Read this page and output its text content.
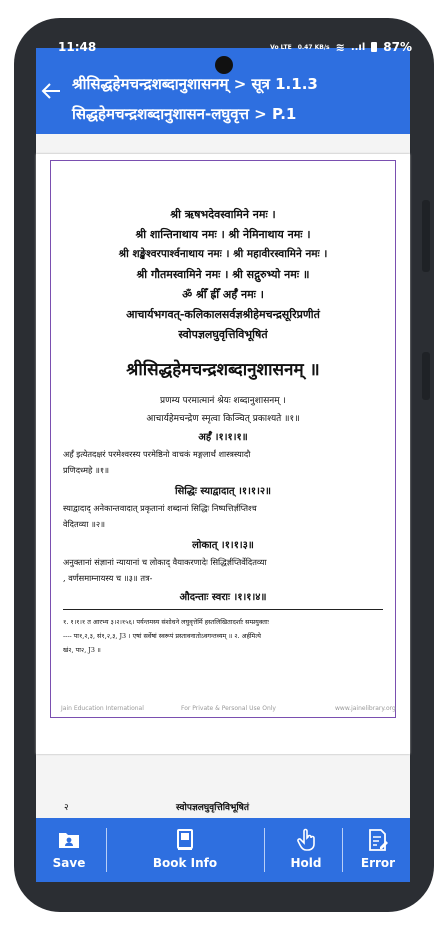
11:48	Vo LTE 0.47 KB/s ≋ ..ıl 87%
श्रीसिद्धहेमचन्द्रशब्दानुशासनम् > सूत्र 1.1.3
सिद्धहेमचन्द्रशब्दानुशासन-लघुवृत्त > P.1
श्री ऋषभदेवस्वामिने नमः ।
श्री शान्तिनाथाय नमः । श्री नेमिनाथाय नमः ।
श्री शङ्खेश्वरपार्श्वनाथाय नमः । श्री महावीरस्वामिने नमः ।
श्री गौतमस्वामिने नमः । श्री सद्गुरुभ्यो नमः ॥
ॐ श्रीँ ह्रीँ अर्हँ नमः ।
आचार्यभगवत्-कलिकालसर्वज्ञश्रीहेमचन्द्रसूरिप्रणीतं
स्वोपज्ञलघुवृत्तिविभूषितं
श्रीसिद्धहेमचन्द्रशब्दानुशासनम् ॥
प्रणम्य परमात्मानं श्रेयः शब्दानुशासनम् ।
आचार्यहेमचन्द्रेण स्मृत्वा किञ्चित् प्रकाश्यते ॥१॥
अर्हँ ।१।१।१॥
अर्हँ इत्येतदक्षरं परमेश्वरस्य परमेष्ठिनो वाचकं मङ्गलार्थं शास्त्रस्यादौ
प्रणिदध्महे ॥१॥
सिद्धिः स्याद्वादात् ।१।१।२॥
स्याद्वादाद् अनेकान्तवादात् प्रकृतानां शब्दानां सिद्धिः निष्पत्तिर्ज्ञप्तिश्च
वेदितव्या ॥२॥
लोकात् ।१।१।३॥
अनुक्तानां संज्ञानां न्यायानां च लोकाद् वैयाकरणादेः सिद्धिर्ज्ञप्तिर्वेदितव्या
, वर्णसमाम्नायस्य च ॥३॥ तत्र-
औदन्ताः स्वराः ।१।१।४॥
१. १।१।१ त आरभ्य ३।२।१५६। पर्यन्तमस्य संशोधने लघुवृत्तेर्मि हस्तलिखितादर्शाः सम्प्रयुक्ताः
---- पा१,२,३, सं१,२,३, J3 । एषां सर्वेषां स्वरूपं प्रस्तावनातोऽवगन्तव्यम् ॥ २. अर्हमित्ये
खं२, पा२, J3 ॥
Jain Education International	For Private & Personal Use Only	www.jainelibrary.org
२	स्वोपज्ञलघुवृत्तिविभूषितं
Save	Book Info	Hold	Error
